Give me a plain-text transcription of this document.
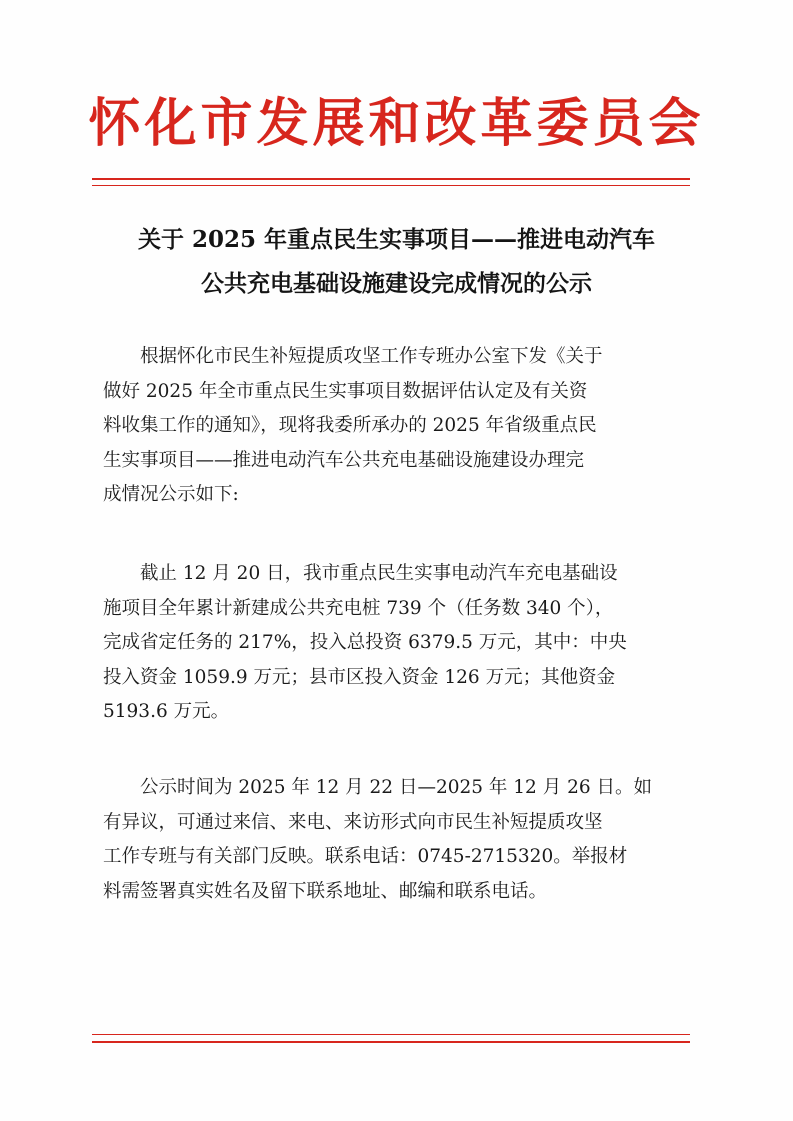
怀化市发展和改革委员会
关于 2025 年重点民生实事项目——推进电动汽车
公共充电基础设施建设完成情况的公示
根据怀化市民生补短提质攻坚工作专班办公室下发《关于
做好 2025 年全市重点民生实事项目数据评估认定及有关资
料收集工作的通知》，现将我委所承办的 2025 年省级重点民
生实事项目——推进电动汽车公共充电基础设施建设办理完
成情况公示如下:
截止 12 月 20 日，我市重点民生实事电动汽车充电基础设
施项目全年累计新建成公共充电桩 739 个（任务数 340 个），
完成省定任务的 217%，投入总投资 6379.5 万元，其中：中央
投入资金 1059.9 万元；县市区投入资金 126 万元；其他资金
5193.6 万元。
公示时间为 2025 年 12 月 22 日—2025 年 12 月 26 日。如
有异议，可通过来信、来电、来访形式向市民生补短提质攻坚
工作专班与有关部门反映。联系电话：0745-2715320。举报材
料需签署真实姓名及留下联系地址、邮编和联系电话。
